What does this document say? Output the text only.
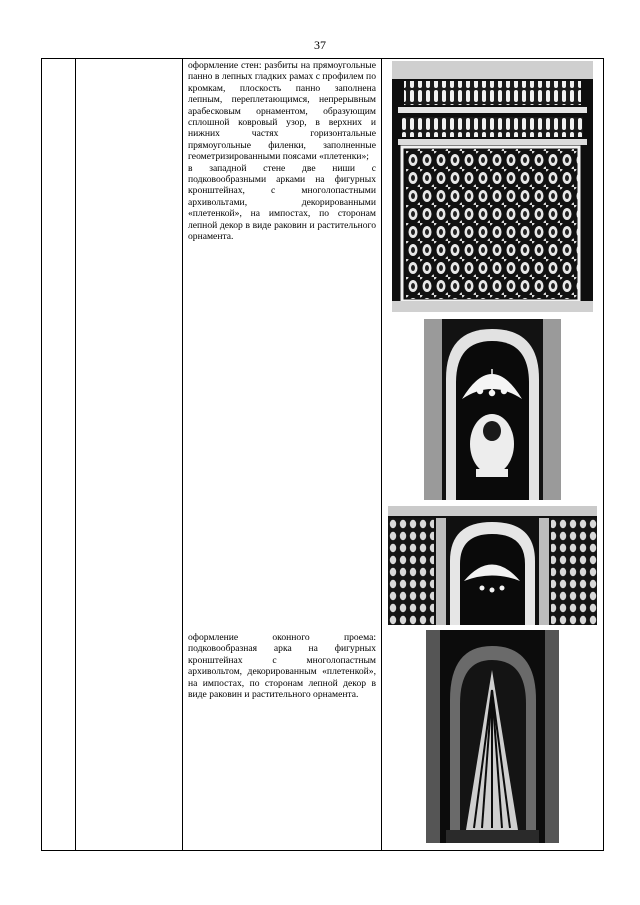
37

оформление стен: разбиты на прямоугольные панно в лепных гладких рамах с профилем по кромкам, плоскость панно заполнена лепным, переплетающимся, непрерывным арабесковым орнаментом, образующим сплошной ковровый узор, в верхних и нижних частях горизонтальные прямоугольные филенки, заполненные геометризированными поясами «плетенки»;

в западной стене две ниши с подковообразными арками на фигурных кронштейнах, с многолопастными архивольтами, декорированными «плетенкой», на импостах, по сторонам лепной декор в виде раковин и растительного орнамента.

оформление оконного проема: подковообразная арка на фигурных кронштейнах с многолопастным архивольтом, декорированным «плетенкой», на импостах, по сторонам лепной декор в виде раковин и растительного орнамента.
